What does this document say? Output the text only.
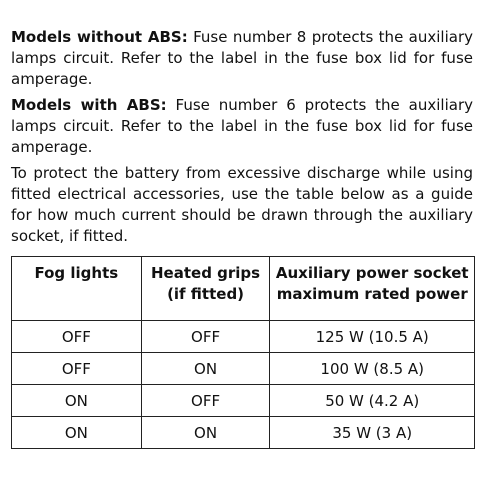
Models without ABS: Fuse number 8 protects the auxiliary lamps circuit. Refer to the label in the fuse box lid for fuse amperage.

Models with ABS: Fuse number 6 protects the auxiliary lamps circuit. Refer to the label in the fuse box lid for fuse amperage.

To protect the battery from excessive discharge while using fitted electrical accessories, use the table below as a guide for how much current should be drawn through the auxiliary socket, if fitted.

Fog lights	Heated grips (if fitted)	Auxiliary power socket maximum rated power
OFF	OFF	125 W (10.5 A)
OFF	ON	100 W (8.5 A)
ON	OFF	50 W (4.2 A)
ON	ON	35 W (3 A)
